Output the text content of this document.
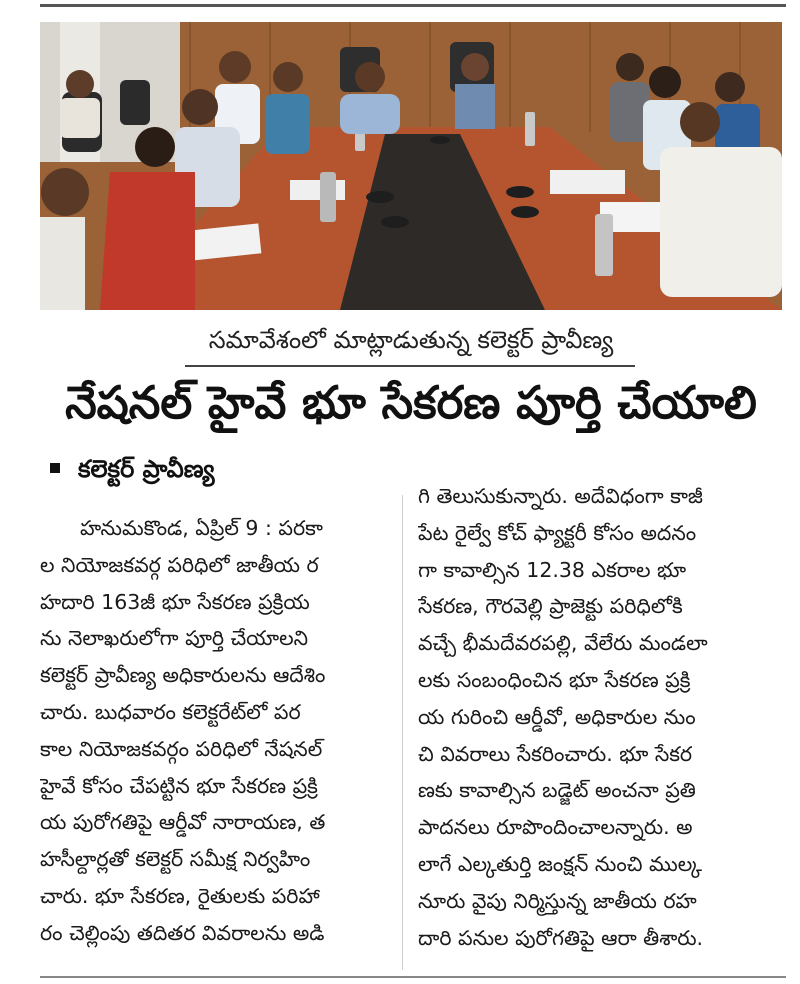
సమావేశంలో మాట్లాడుతున్న కలెక్టర్ ప్రావీణ్య
నేషనల్ హైవే భూ సేకరణ పూర్తి చేయాలి
కలెక్టర్ ప్రావీణ్య
హనుమకొండ, ఏప్రిల్ 9 : పరకా
ల నియోజకవర్గ పరిధిలో జాతీయ ర
హదారి 163జీ భూ సేకరణ ప్రక్రియ
ను నెలాఖరులోగా పూర్తి చేయాలని
కలెక్టర్ ప్రావీణ్య అధికారులను ఆదేశిం
చారు. బుధవారం కలెక్టరేట్‌లో పర
కాల నియోజకవర్గం పరిధిలో నేషనల్
హైవే కోసం చేపట్టిన భూ సేకరణ ప్రక్రి
య పురోగతిపై ఆర్డీవో నారాయణ, త
హసీల్దార్లతో కలెక్టర్ సమీక్ష నిర్వహిం
చారు. భూ సేకరణ, రైతులకు పరిహా
రం చెల్లింపు తదితర వివరాలను అడి
గి తెలుసుకున్నారు. అదేవిధంగా కాజీ
పేట రైల్వే కోచ్ ఫ్యాక్టరీ కోసం అదనం
గా కావాల్సిన 12.38 ఎకరాల భూ
సేకరణ, గౌరవెల్లి ప్రాజెక్టు పరిధిలోకి
వచ్చే భీమదేవరపల్లి, వేలేరు మండలా
లకు సంబంధించిన భూ సేకరణ ప్రక్రి
య గురించి ఆర్డీవో, అధికారుల నుం
చి వివరాలు సేకరించారు. భూ సేకర
ణకు కావాల్సిన బడ్జెట్ అంచనా ప్రతి
పాదనలు రూపొందించాలన్నారు. అ
లాగే ఎల్కతుర్తి జంక్షన్ నుంచి ముల్క
నూరు వైపు నిర్మిస్తున్న జాతీయ రహ
దారి పనుల పురోగతిపై ఆరా తీశారు.
